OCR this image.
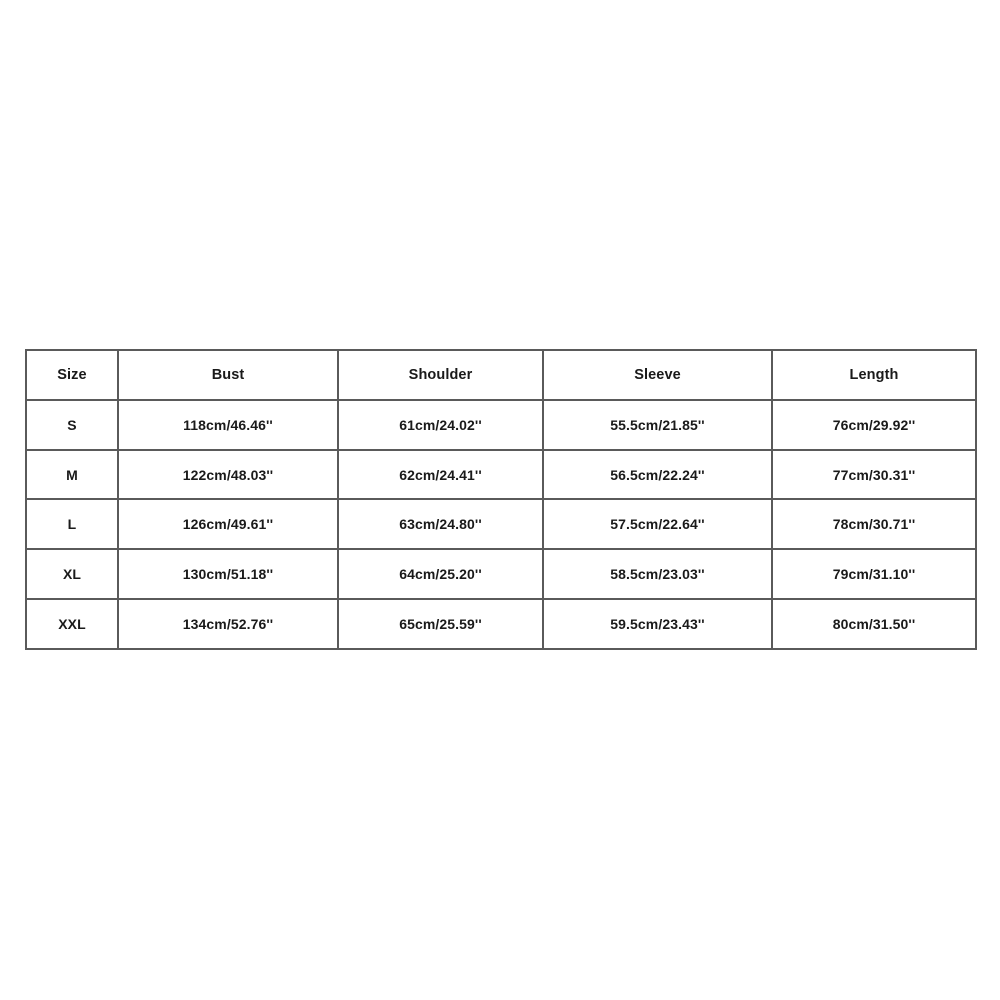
Size	Bust	Shoulder	Sleeve	Length
S	118cm/46.46''	61cm/24.02''	55.5cm/21.85''	76cm/29.92''
M	122cm/48.03''	62cm/24.41''	56.5cm/22.24''	77cm/30.31''
L	126cm/49.61''	63cm/24.80''	57.5cm/22.64''	78cm/30.71''
XL	130cm/51.18''	64cm/25.20''	58.5cm/23.03''	79cm/31.10''
XXL	134cm/52.76''	65cm/25.59''	59.5cm/23.43''	80cm/31.50''
